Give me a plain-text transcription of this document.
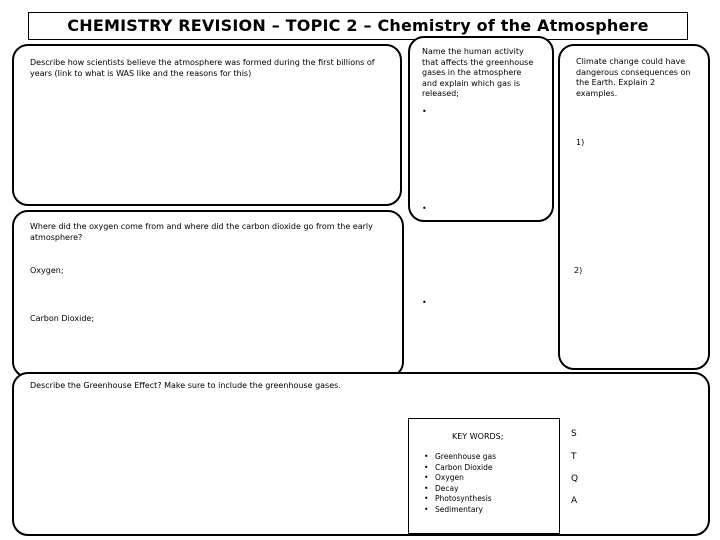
CHEMISTRY REVISION – TOPIC 2 – Chemistry of the Atmosphere
Describe how scientists believe the atmosphere was formed during the first billions of years (link to what is WAS like and the reasons for this)
Where did the oxygen come from and where did the carbon dioxide go from the early atmosphere?
Oxygen;
Carbon Dioxide;
Name the human activity that affects the greenhouse gases in the atmosphere and explain which gas is released;
•
•
•
Climate change could have dangerous consequences on the Earth. Explain 2 examples.
1)
2)
Describe the Greenhouse Effect? Make sure to include the greenhouse gases.
KEY WORDS;
• Greenhouse gas
• Carbon Dioxide
• Oxygen
• Decay
• Photosynthesis
• Sedimentary
S
T
Q
A
